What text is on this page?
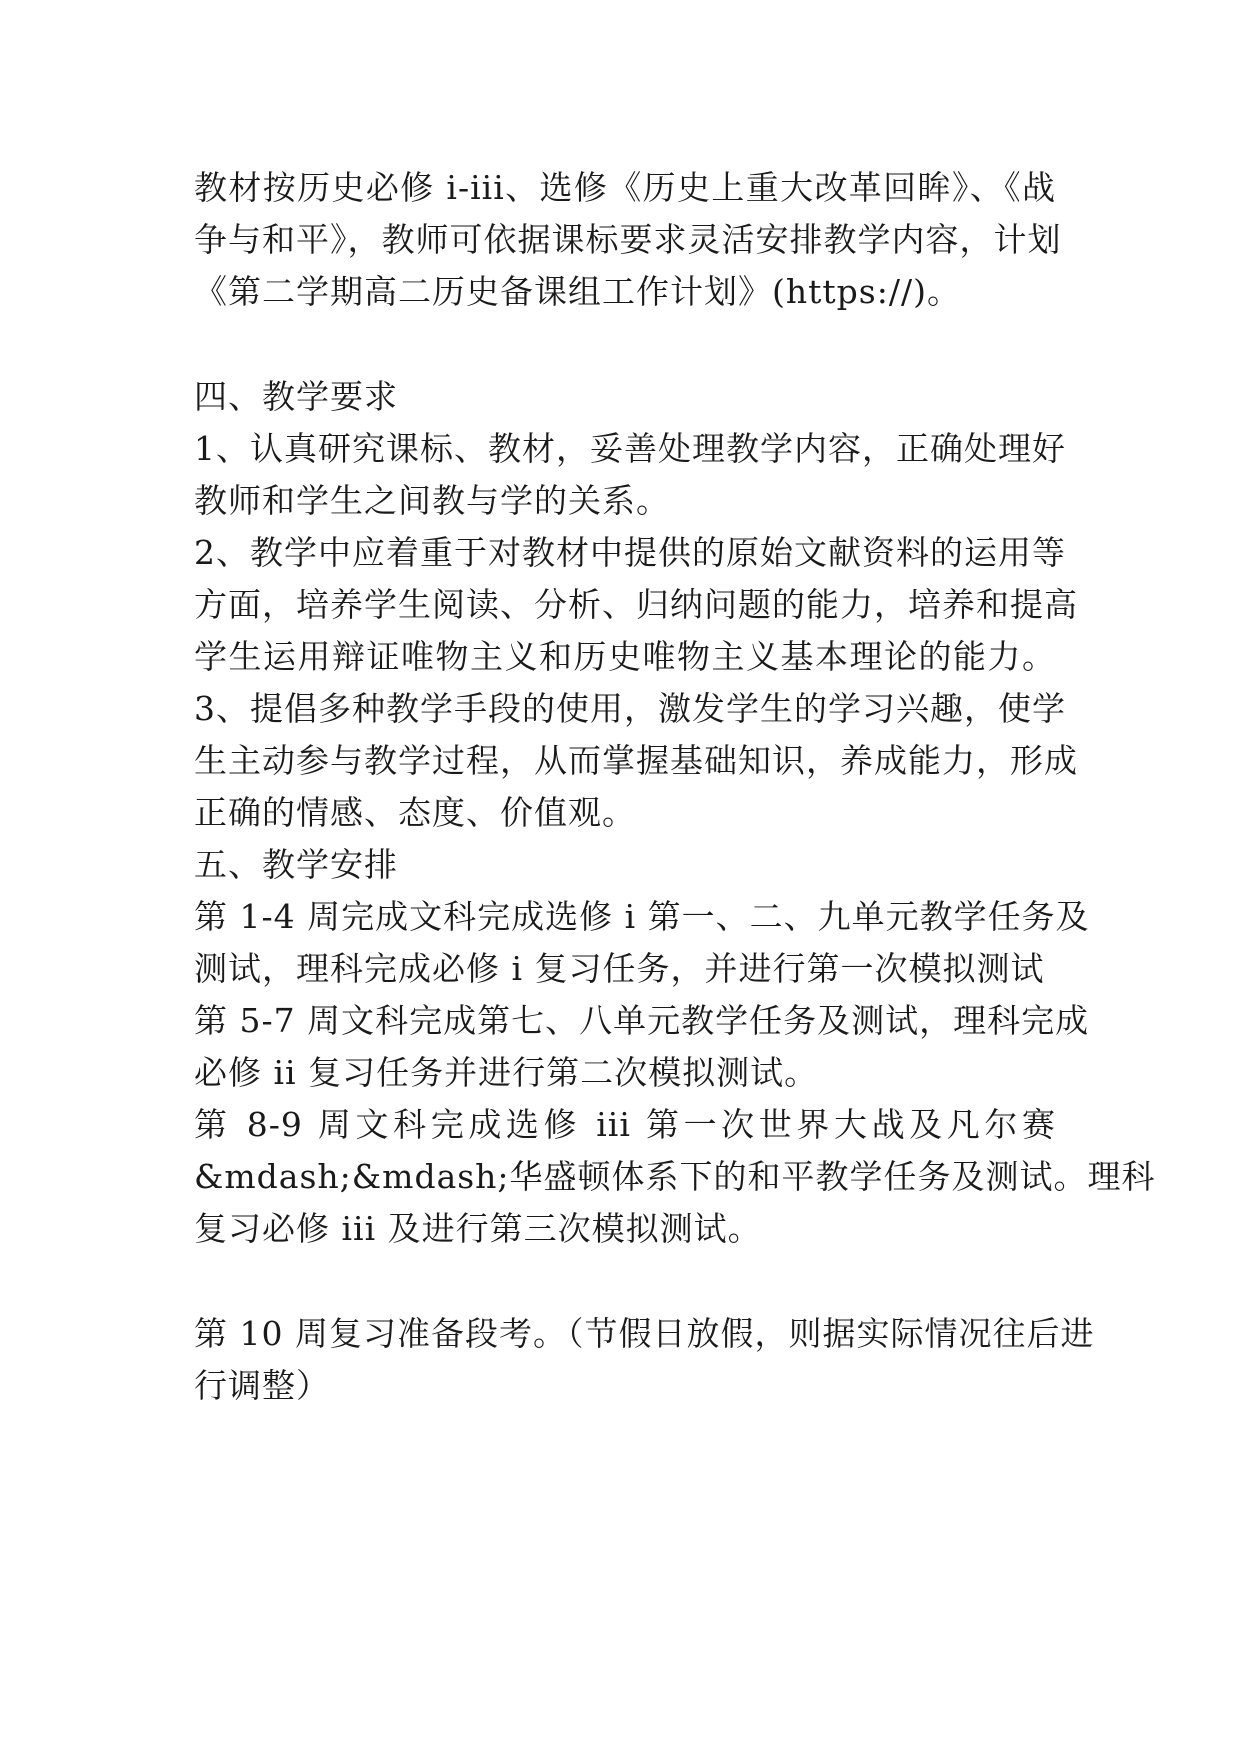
教材按历史必修 i-iii、选修《历史上重大改革回眸》、《战
争与和平》，教师可依据课标要求灵活安排教学内容，计划
《第二学期高二历史备课组工作计划》(https://)。
四、教学要求
1、认真研究课标、教材，妥善处理教学内容，正确处理好
教师和学生之间教与学的关系。
2、教学中应着重于对教材中提供的原始文献资料的运用等
方面，培养学生阅读、分析、归纳问题的能力，培养和提高
学生运用辩证唯物主义和历史唯物主义基本理论的能力。
3、提倡多种教学手段的使用，激发学生的学习兴趣，使学
生主动参与教学过程，从而掌握基础知识，养成能力，形成
正确的情感、态度、价值观。
五、教学安排
第 1-4 周完成文科完成选修 i 第一、二、九单元教学任务及
测试，理科完成必修 i 复习任务，并进行第一次模拟测试
第 5-7 周文科完成第七、八单元教学任务及测试，理科完成
必修 ii 复习任务并进行第二次模拟测试。
第 8-9 周文科完成选修 iii 第一次世界大战及凡尔赛
&mdash;&mdash;华盛顿体系下的和平教学任务及测试。理科
复习必修 iii 及进行第三次模拟测试。
第 10 周复习准备段考。（节假日放假，则据实际情况往后进
行调整）
